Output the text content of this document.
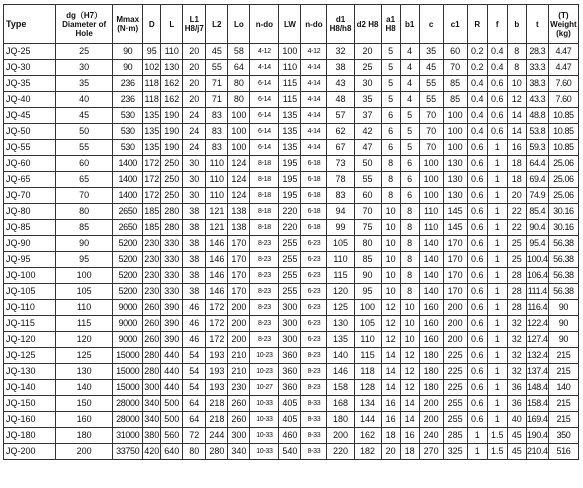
Type	dg（H7）Diameter of Hole	Mmax (N·m)	D	L	L1 H8/j7	L2	Lo	n-do	LW	n-do	d1 H8/h8	d2 H8	a1 H8	b1	c	c1	R	f	b	t	(T) Weight (kg)
JQ-25	25	90	95	110	20	45	58	4-12	100	4-12	32	20	5	4	35	60	0.2	0.4	8	28.3	4.47
JQ-30	30	90	102	130	20	55	64	4-14	110	4-14	38	25	5	4	45	70	0.2	0.4	8	33.3	4.47
JQ-35	35	236	118	162	20	71	80	6-14	115	4-14	43	30	5	4	55	85	0.4	0.6	10	38.3	7.60
JQ-40	40	236	118	162	20	71	80	6-14	115	4-14	48	35	5	4	55	85	0.4	0.6	12	43.3	7.60
JQ-45	45	530	135	190	24	83	100	6-14	135	4-14	57	37	6	5	70	100	0.4	0.6	14	48.8	10.85
JQ-50	50	530	135	190	24	83	100	6-14	135	4-14	62	42	6	5	70	100	0.4	0.6	14	53.8	10.85
JQ-55	55	530	135	190	24	83	100	6-14	135	4-14	67	47	6	5	70	100	0.6	1	16	59.3	10.85
JQ-60	60	1400	172	250	30	110	124	8-18	195	6-18	73	50	8	6	100	130	0.6	1	18	64.4	25.06
JQ-65	65	1400	172	250	30	110	124	8-18	195	6-18	78	55	8	6	100	130	0.6	1	18	69.4	25.06
JQ-70	70	1400	172	250	30	110	124	8-18	195	6-18	83	60	8	6	100	130	0.6	1	20	74.9	25.06
JQ-80	80	2650	185	280	38	121	138	8-18	220	6-18	94	70	10	8	110	145	0.6	1	22	85.4	30.16
JQ-85	85	2650	185	280	38	121	138	8-18	220	6-18	99	75	10	8	110	145	0.6	1	22	90.4	30.16
JQ-90	90	5200	230	330	38	146	170	8-23	255	6-23	105	80	10	8	140	170	0.6	1	25	95.4	56.38
JQ-95	95	5200	230	330	38	146	170	8-23	255	6-23	110	85	10	8	140	170	0.6	1	25	100.4	56.38
JQ-100	100	5200	230	330	38	146	170	8-23	255	6-23	115	90	10	8	140	170	0.6	1	28	106.4	56.38
JQ-105	105	5200	230	330	38	146	170	8-23	255	6-23	120	95	10	8	140	170	0.6	1	28	111.4	56.38
JQ-110	110	9000	260	390	46	172	200	8-23	300	6-23	125	100	12	10	160	200	0.6	1	28	116.4	90
JQ-115	115	9000	260	390	46	172	200	8-23	300	6-23	130	105	12	10	160	200	0.6	1	32	122.4	90
JQ-120	120	9000	260	390	46	172	200	8-23	300	6-23	135	110	12	10	160	200	0.6	1	32	127.4	90
JQ-125	125	15000	280	440	54	193	210	10-23	360	8-23	140	115	14	12	180	225	0.6	1	32	132.4	215
JQ-130	130	15000	280	440	54	193	210	10-23	360	8-23	146	118	14	12	180	225	0.6	1	32	137.4	215
JQ-140	140	15000	300	440	54	193	230	10-27	360	8-23	158	128	14	12	180	225	0.6	1	36	148.4	140
JQ-150	150	28000	340	500	64	218	260	10-33	405	8-33	168	134	16	14	200	255	0.6	1	36	158.4	215
JQ-160	160	28000	340	500	64	218	260	10-33	405	8-33	180	144	16	14	200	255	0.6	1	40	169.4	215
JQ-180	180	31000	380	560	72	244	300	10-33	460	8-33	200	162	18	16	240	285	1	1.5	45	190.4	350
JQ-200	200	33750	420	640	80	280	340	10-33	540	8-33	220	182	20	18	270	325	1	1.5	45	210.4	516
